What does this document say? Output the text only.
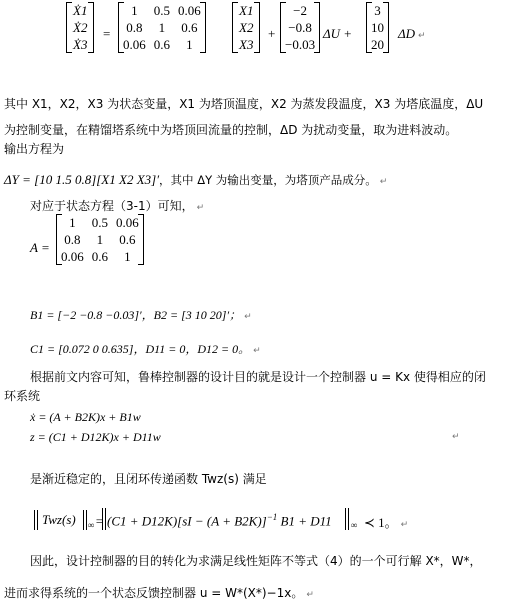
Ẋ1
Ẋ2
Ẋ3
=
1	0.5	0.06
0.8	1	0.6
0.06	0.6	1
X1
X2
X3
+
−2
−0.8
−0.03
ΔU +
3
10
20
ΔD ↵
其中 X1，X2，X3 为状态变量，X1 为塔顶温度，X2 为蒸发段温度，X3 为塔底温度，ΔU
为控制变量，在精馏塔系统中为塔顶回流量的控制，ΔD 为扰动变量，取为进料波动。
输出方程为
ΔY = [10 1.5 0.8][X1 X2 X3]′，其中 ΔY 为输出变量，为塔顶产品成分。 ↵
对应于状态方程（3-1）可知， ↵
A =
1	0.5	0.06
0.8	1	0.6
0.06	0.6	1
B1 = [−2 −0.8 −0.03]′，B2 = [3 10 20]′； ↵
C1 = [0.072 0 0.635]，D11 = 0，D12 = 0。 ↵
根据前文内容可知，鲁棒控制器的设计目的就是设计一个控制器 u = Kx 使得相应的闭
环系统
ẋ = (A + B2K)x + B1w
z = (C1 + D12K)x + D11w	↵
是渐近稳定的，且闭环传递函数 Twz(s) 满足
Twz(s) ∞ = (C1 + D12K)[sI − (A + B2K)]$^{-1}$ B1 + D11 ∞ ≺ 1。 ↵
因此，设计控制器的目的转化为求满足线性矩阵不等式（4）的一个可行解 X*，W*，
进而求得系统的一个状态反馈控制器 u = W*(X*)−1x。 ↵
